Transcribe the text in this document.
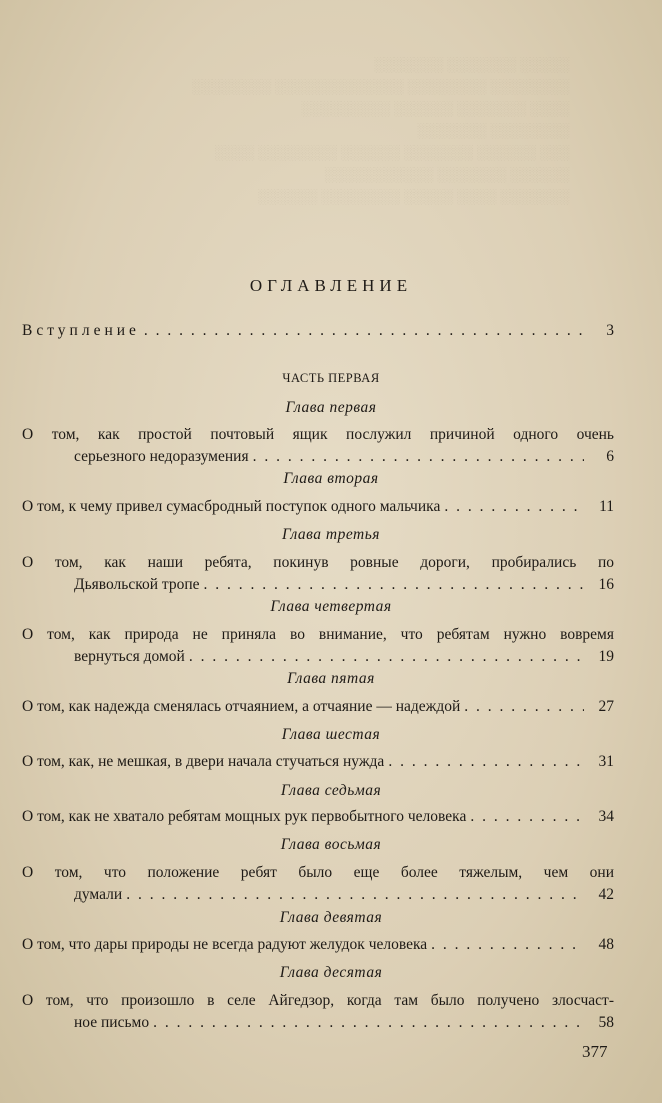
░░░░░ ░░░░░░░ ░░░░░░░
░░░░░░░░ ░░░░░░░░ ░░░░░░░░░░░░░ ░░░░░░░░
░░░░ ░░░░░░░ ░░░░░░ ░░░░░░░░░
░░░░░░░░ ░░░░░░░
░░░ ░░░░░░ ░░░░░░░ ░░░░░░ ░░░░░░░░ ░░░░
░░░░░░ ░░░░░░░ ░░░░░░░░░░░
░░░░░░░ ░░░░ ░░░░░ ░░░░░░░░ ░░░░░░
ОГЛАВЛЕНИЕ
Вступление . . .	3
ЧАСТЬ ПЕРВАЯ
Глава первая
О том, как простой почтовый ящик послужил причиной одного очень
серьезного недоразумения . . .	6
Глава вторая
О том, к чему привел сумасбродный поступок одного мальчика . . .	11
Глава третья
О том, как наши ребята, покинув ровные дороги, пробирались по
Дьявольской тропе . . .	16
Глава четвертая
О том, как природа не приняла во внимание, что ребятам нужно вовремя
вернуться домой . . .	19
Глава пятая
О том, как надежда сменялась отчаянием, а отчаяние — надеждой . . .	27
Глава шестая
О том, как, не мешкая, в двери начала стучаться нужда . . .	31
Глава седьмая
О том, как не хватало ребятам мощных рук первобытного человека . . .	34
Глава восьмая
О том, что положение ребят было еще более тяжелым, чем они
думали . . .	42
Глава девятая
О том, что дары природы не всегда радуют желудок человека . . .	48
Глава десятая
О том, что произошло в селе Айгедзор, когда там было получено злосчаст-
ное письмо . . .	58
377
